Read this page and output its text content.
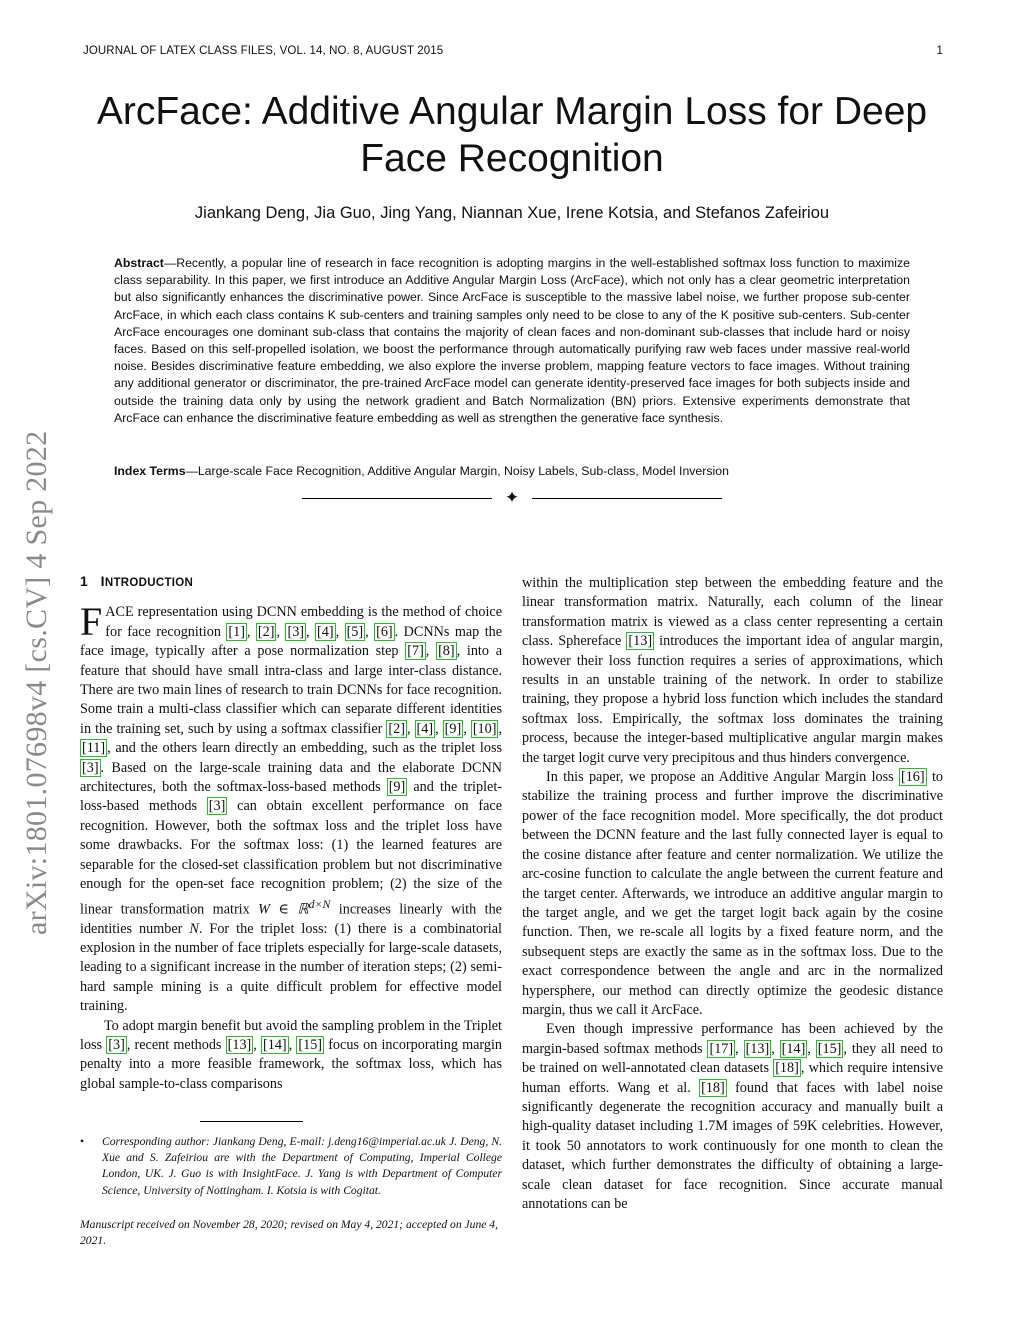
JOURNAL OF LATEX CLASS FILES, VOL. 14, NO. 8, AUGUST 2015	1
ArcFace: Additive Angular Margin Loss for Deep Face Recognition
Jiankang Deng, Jia Guo, Jing Yang, Niannan Xue, Irene Kotsia, and Stefanos Zafeiriou
Abstract—Recently, a popular line of research in face recognition is adopting margins in the well-established softmax loss function to maximize class separability. In this paper, we first introduce an Additive Angular Margin Loss (ArcFace), which not only has a clear geometric interpretation but also significantly enhances the discriminative power. Since ArcFace is susceptible to the massive label noise, we further propose sub-center ArcFace, in which each class contains K sub-centers and training samples only need to be close to any of the K positive sub-centers. Sub-center ArcFace encourages one dominant sub-class that contains the majority of clean faces and non-dominant sub-classes that include hard or noisy faces. Based on this self-propelled isolation, we boost the performance through automatically purifying raw web faces under massive real-world noise. Besides discriminative feature embedding, we also explore the inverse problem, mapping feature vectors to face images. Without training any additional generator or discriminator, the pre-trained ArcFace model can generate identity-preserved face images for both subjects inside and outside the training data only by using the network gradient and Batch Normalization (BN) priors. Extensive experiments demonstrate that ArcFace can enhance the discriminative feature embedding as well as strengthen the generative face synthesis.
Index Terms—Large-scale Face Recognition, Additive Angular Margin, Noisy Labels, Sub-class, Model Inversion
✦
arXiv:1801.07698v4 [cs.CV] 4 Sep 2022 1 INTRODUCTION

FACE representation using DCNN embedding is the method of choice for face recognition [1] , [2] , [3] , [4] , [5] , [6] . DCNNs map the face image, typically after a pose normalization step [7] , [8] , into a feature that should have small intra-class and large inter-class distance. There are two main lines of research to train DCNNs for face recognition. Some train a multi-class classifier which can separate different identities in the training set, such by using a softmax classifier [2] , [4] , [9] , [10] , [11] , and the others learn directly an embedding, such as the triplet loss [3] . Based on the large-scale training data and the elaborate DCNN architectures, both the softmax-loss-based methods [9] and the triplet-loss-based methods [3] can obtain excellent performance on face recognition. However, both the softmax loss and the triplet loss have some drawbacks. For the softmax loss: (1) the learned features are separable for the closed-set classification problem but not discriminative enough for the open-set face recognition problem; (2) the size of the linear transformation matrix W ∈ ℝ$^{d\times N}$ increases linearly with the identities number N. For the triplet loss: (1) there is a combinatorial explosion in the number of face triplets especially for large-scale datasets, leading to a significant increase in the number of iteration steps; (2) semi-hard sample mining is a quite difficult problem for effective model training.

To adopt margin benefit but avoid the sampling problem in the Triplet loss [3] , recent methods [13] , [14] , [15] focus on incorporating margin penalty into a more feasible framework, the softmax loss, which has global sample-to-class comparisons

within the multiplication step between the embedding feature and the linear transformation matrix. Naturally, each column of the linear transformation matrix is viewed as a class center representing a certain class. Sphereface [13] introduces the important idea of angular margin, however their loss function requires a series of approximations, which results in an unstable training of the network. In order to stabilize training, they propose a hybrid loss function which includes the standard softmax loss. Empirically, the softmax loss dominates the training process, because the integer-based multiplicative angular margin makes the target logit curve very precipitous and thus hinders convergence.

In this paper, we propose an Additive Angular Margin loss [16] to stabilize the training process and further improve the discriminative power of the face recognition model. More specifically, the dot product between the DCNN feature and the last fully connected layer is equal to the cosine distance after feature and center normalization. We utilize the arc-cosine function to calculate the angle between the current feature and the target center. Afterwards, we introduce an additive angular margin to the target angle, and we get the target logit back again by the cosine function. Then, we re-scale all logits by a fixed feature norm, and the subsequent steps are exactly the same as in the softmax loss. Due to the exact correspondence between the angle and arc in the normalized hypersphere, our method can directly optimize the geodesic distance margin, thus we call it ArcFace.

Even though impressive performance has been achieved by the margin-based softmax methods [17] , [13] , [14] , [15] , they all need to be trained on well-annotated clean datasets [18] , which require intensive human efforts. Wang et al. [18] found that faces with label noise significantly degenerate the recognition accuracy and manually built a high-quality dataset including 1.7M images of 59K celebrities. However, it took 50 annotators to work continuously for one month to clean the dataset, which further demonstrates the difficulty of obtaining a large-scale clean dataset for face recognition. Since accurate manual annotations can be

•	Corresponding author: Jiankang Deng, E-mail: j.deng16@imperial.ac.uk J. Deng, N. Xue and S. Zafeiriou are with the Department of Computing, Imperial College London, UK. J. Guo is with InsightFace. J. Yang is with Department of Computer Science, University of Nottingham. I. Kotsia is with Cogitat.
Manuscript received on November 28, 2020; revised on May 4, 2021; accepted on June 4, 2021.
